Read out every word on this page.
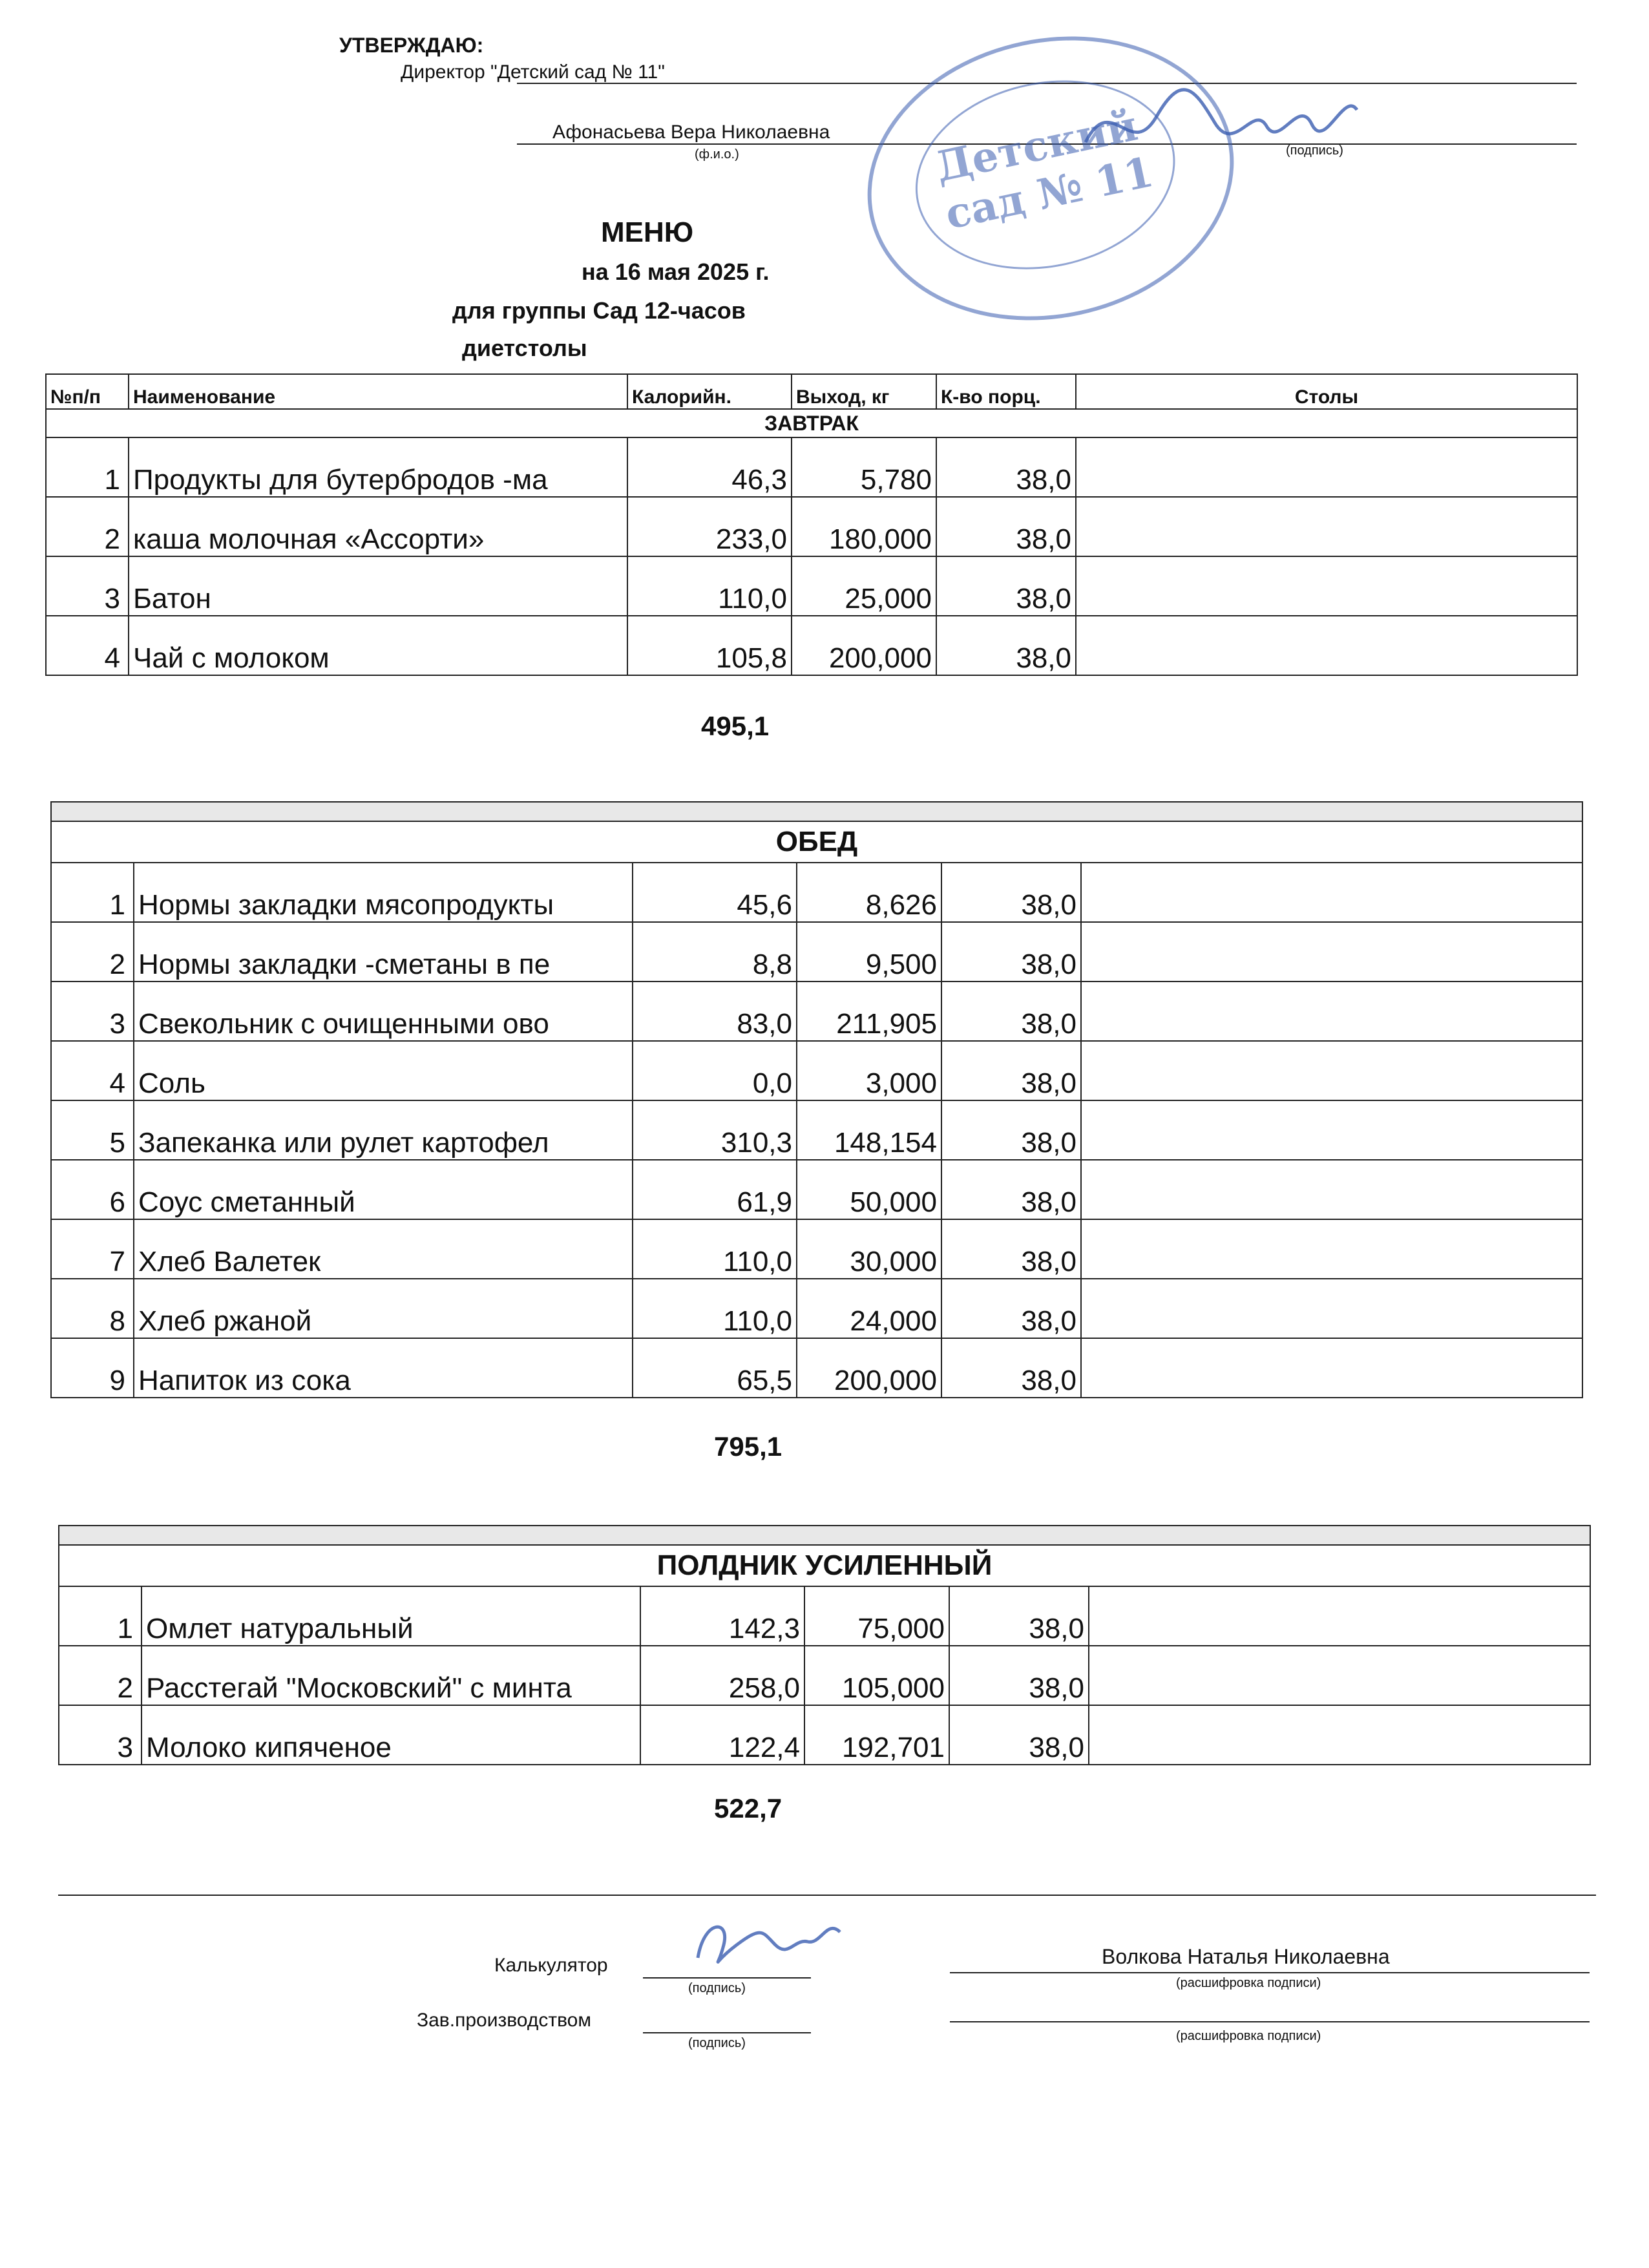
УТВЕРЖДАЮ:
Директор "Детский сад № 11"
Афонасьева Вера Николаевна
(ф.и.о.)	(подпись)
Детский сад № 11
МЕНЮ
на 16 мая 2025 г.
для группы Сад 12-часов
диетстолы
№п/п	Наименование	Калорийн.	Выход, кг	К-во порц.	Столы
ЗАВТРАК					
1	Продукты для бутербродов -ма	46,3	5,780	38,0	
2	каша молочная «Ассорти»	233,0	180,000	38,0	
3	Батон	110,0	25,000	38,0	
4	Чай с молоком	105,8	200,000	38,0	
495,1

ОБЕД					
1	Нормы закладки мясопродукты	45,6	8,626	38,0	
2	Нормы закладки -сметаны в пе	8,8	9,500	38,0	
3	Свекольник с очищенными ово	83,0	211,905	38,0	
4	Соль	0,0	3,000	38,0	
5	Запеканка или рулет картофел	310,3	148,154	38,0	
6	Соус сметанный	61,9	50,000	38,0	
7	Хлеб Валетек	110,0	30,000	38,0	
8	Хлеб ржаной	110,0	24,000	38,0	
9	Напиток из сока	65,5	200,000	38,0	
795,1

ПОЛДНИК УСИЛЕННЫЙ					
1	Омлет натуральный	142,3	75,000	38,0	
2	Расстегай "Московский" с минта	258,0	105,000	38,0	
3	Молоко кипяченое	122,4	192,701	38,0	
522,7
Калькулятор
(подпись)
Волкова Наталья Николаевна
(расшифровка подписи)
Зав.производством
(подпись)	(расшифровка подписи)
